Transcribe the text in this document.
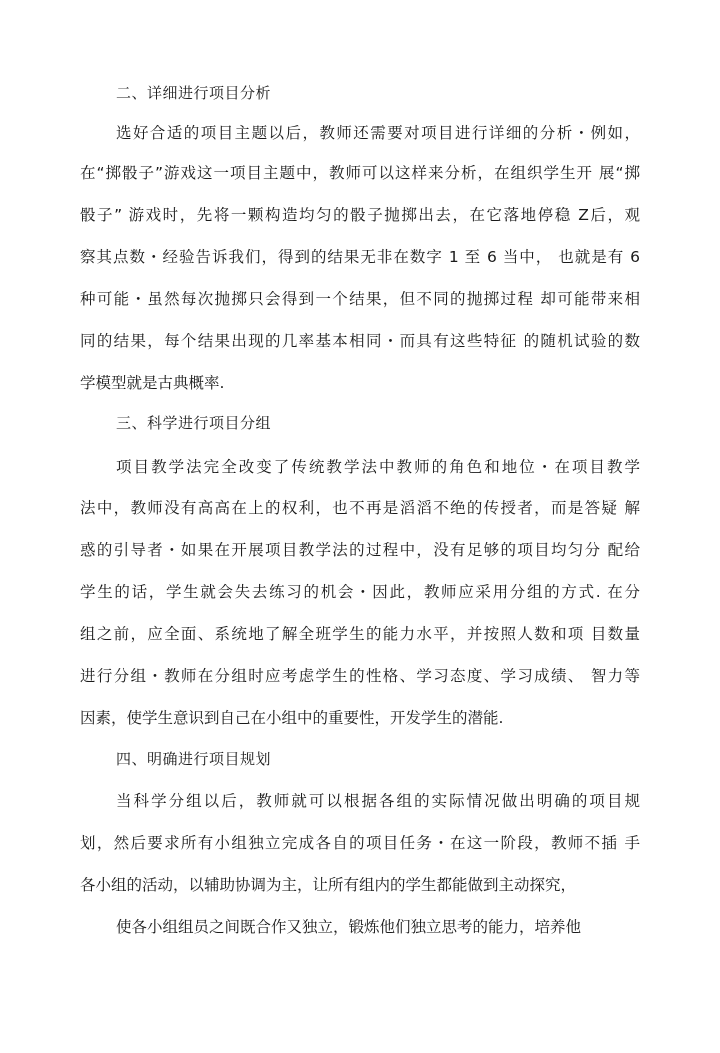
二、详细进行项目分析
选好合适的项目主题以后，教师还需要对项目进行详细的分析・例如，
在“掷骰子”游戏这一项目主题中，教师可以这样来分析，在组织学生开 展“掷
骰子” 游戏时，先将一颗构造均匀的骰子抛掷出去，在它落地停稳 Z后，观
察其点数・经验告诉我们，得到的结果无非在数字 1 至 6 当中， 也就是有 6
种可能・虽然每次抛掷只会得到一个结果，但不同的抛掷过程 却可能带来相
同的结果，每个结果出现的几率基本相同・而具有这些特征 的随机试验的数
学模型就是古典概率.
三、科学进行项目分组
项目教学法完全改变了传统教学法中教师的角色和地位・在项目教学
法中，教师没有高高在上的权利，也不再是滔滔不绝的传授者，而是答疑 解
惑的引导者・如果在开展项目教学法的过程中，没有足够的项目均匀分 配给
学生的话，学生就会失去练习的机会・因此，教师应采用分组的方式. 在分
组之前，应全面、系统地了解全班学生的能力水平，并按照人数和项 目数量
进行分组・教师在分组时应考虑学生的性格、学习态度、学习成绩、 智力等
因素，使学生意识到自己在小组中的重要性，开发学生的潜能.
四、明确进行项目规划
当科学分组以后，教师就可以根据各组的实际情况做出明确的项目规
划，然后要求所有小组独立完成各自的项目任务・在这一阶段，教师不插 手
各小组的活动，以辅助协调为主，让所有组内的学生都能做到主动探究，
使各小组组员之间既合作又独立，锻炼他们独立思考的能力，培养他
